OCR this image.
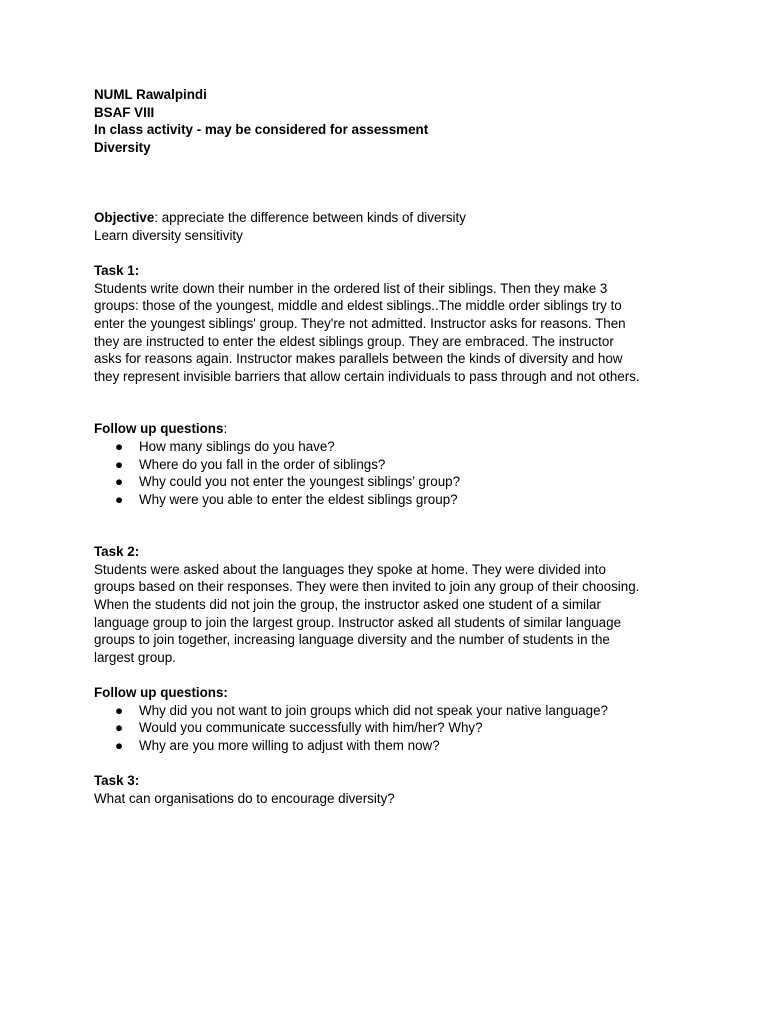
NUML Rawalpindi
BSAF VIII
In class activity - may be considered for assessment
Diversity
Objective: appreciate the difference between kinds of diversity
Learn diversity sensitivity
Task 1:
Students write down their number in the ordered list of their siblings. Then they make 3
groups: those of the youngest, middle and eldest siblings..The middle order siblings try to
enter the youngest siblings' group. They're not admitted. Instructor asks for reasons. Then
they are instructed to enter the eldest siblings group. They are embraced. The instructor
asks for reasons again. Instructor makes parallels between the kinds of diversity and how
they represent invisible barriers that allow certain individuals to pass through and not others.
Follow up questions:
● How many siblings do you have?
● Where do you fall in the order of siblings?
● Why could you not enter the youngest siblings’ group?
● Why were you able to enter the eldest siblings group?
Task 2:
Students were asked about the languages they spoke at home. They were divided into
groups based on their responses. They were then invited to join any group of their choosing.
When the students did not join the group, the instructor asked one student of a similar
language group to join the largest group. Instructor asked all students of similar language
groups to join together, increasing language diversity and the number of students in the
largest group.
Follow up questions:
● Why did you not want to join groups which did not speak your native language?
● Would you communicate successfully with him/her? Why?
● Why are you more willing to adjust with them now?
Task 3:
What can organisations do to encourage diversity?
